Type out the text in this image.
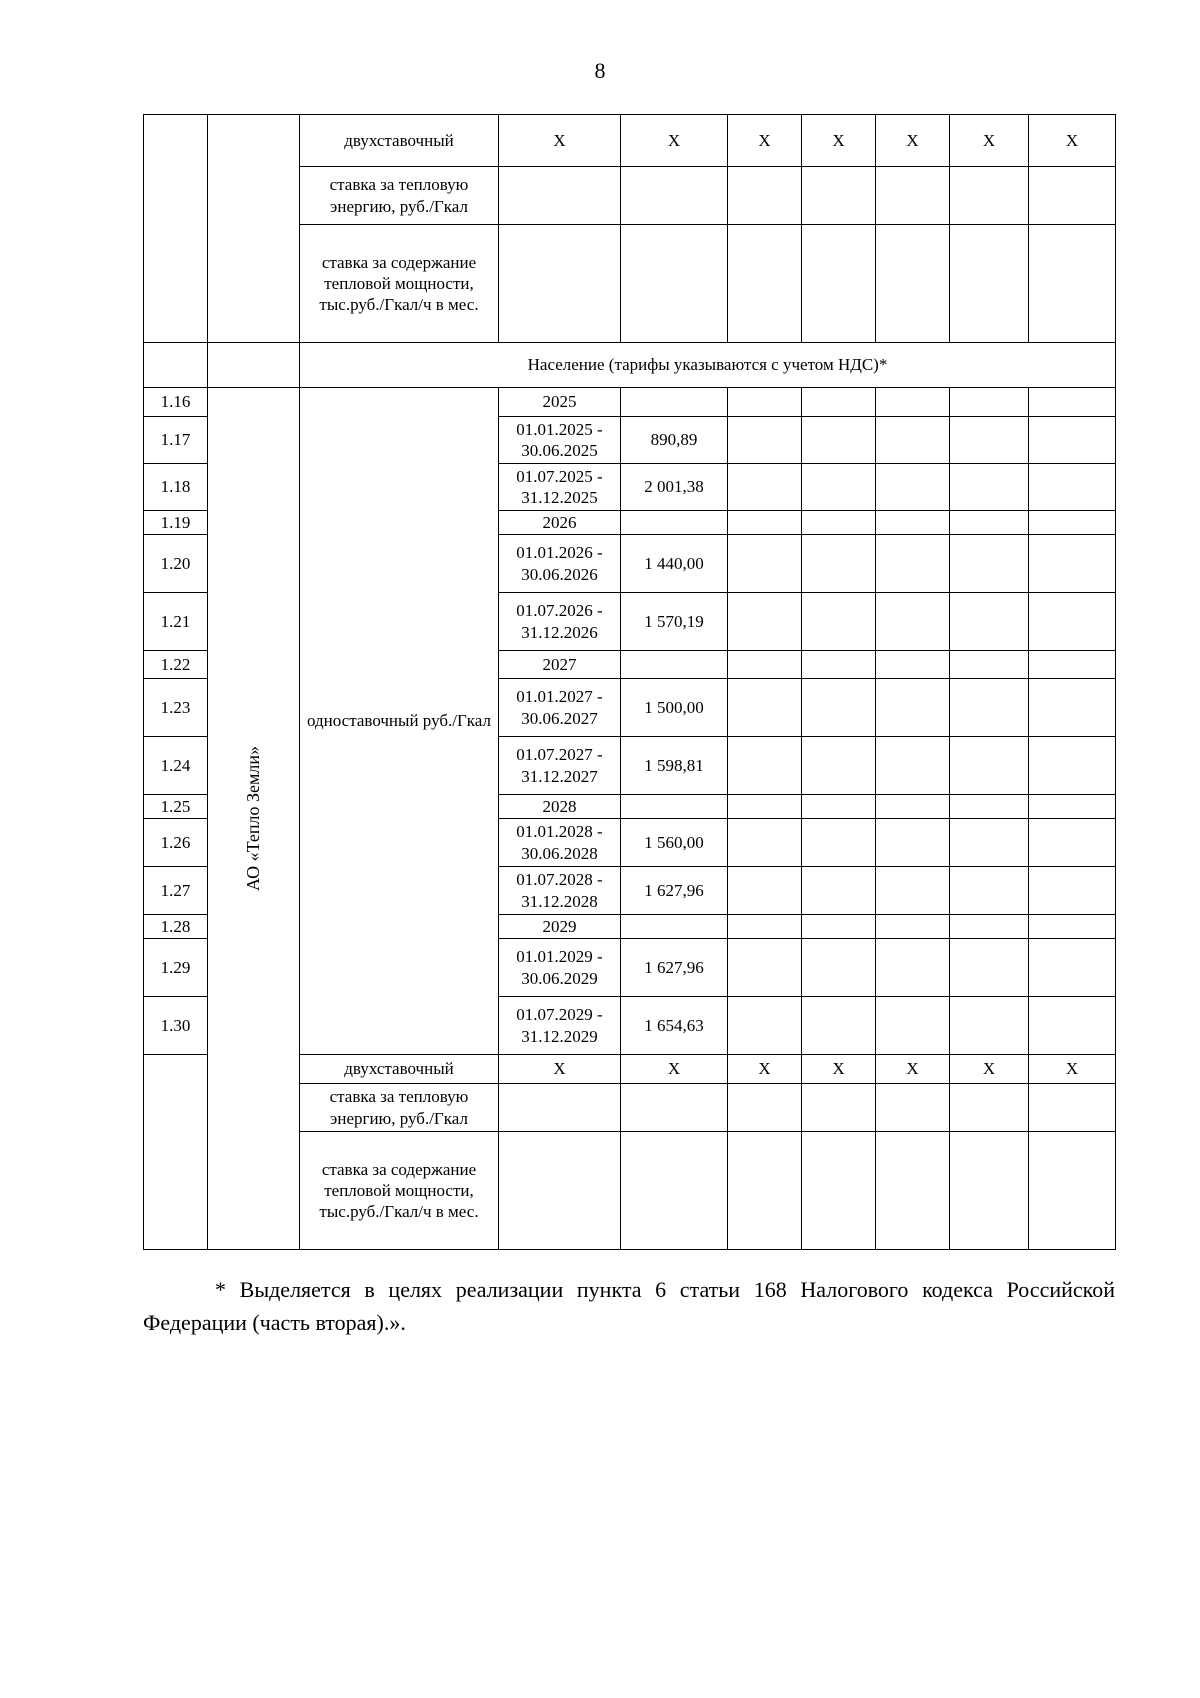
8
		двухставочный	Х	Х	Х	Х	Х	Х	Х
		ставка за тепловую энергию, руб./Гкал							
		ставка за содержание тепловой мощности, тыс.руб./Гкал/ч в мес.							
		Население (тарифы указываются с учетом НДС)*							
1.16	АО «Тепло Земли»	одноставочный руб./Гкал	2025						
1.17			01.01.2025 - 30.06.2025	890,89					
1.18			01.07.2025 - 31.12.2025	2 001,38					
1.19			2026						
1.20			01.01.2026 - 30.06.2026	1 440,00					
1.21			01.07.2026 - 31.12.2026	1 570,19					
1.22			2027						
1.23			01.01.2027 - 30.06.2027	1 500,00					
1.24			01.07.2027 - 31.12.2027	1 598,81					
1.25			2028						
1.26			01.01.2028 - 30.06.2028	1 560,00					
1.27			01.07.2028 - 31.12.2028	1 627,96					
1.28			2029						
1.29			01.01.2029 - 30.06.2029	1 627,96					
1.30			01.07.2029 - 31.12.2029	1 654,63					
		двухставочный	Х	Х	Х	Х	Х	Х	Х
		ставка за тепловую энергию, руб./Гкал							
		ставка за содержание тепловой мощности, тыс.руб./Гкал/ч в мес.							
* Выделяется в целях реализации пункта 6 статьи 168 Налогового кодекса Российской Федерации (часть вторая).».
